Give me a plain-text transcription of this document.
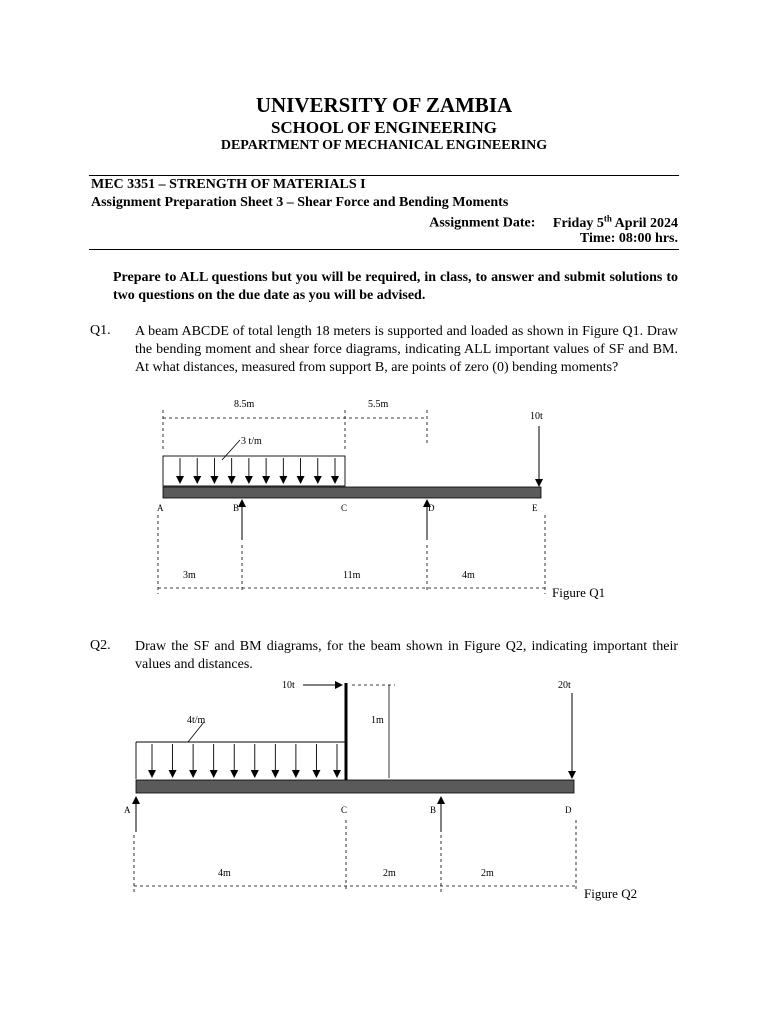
UNIVERSITY OF ZAMBIA
SCHOOL OF ENGINEERING
DEPARTMENT OF MECHANICAL ENGINEERING
MEC 3351 – STRENGTH OF MATERIALS I
Assignment Preparation Sheet 3 – Shear Force and Bending Moments
Assignment Date: Friday 5th April 2024
Time: 08:00 hrs.
Prepare to ALL questions but you will be required, in class, to answer and submit solutions to two questions on the due date as you will be advised.
Q1. A beam ABCDE of total length 18 meters is supported and loaded as shown in Figure Q1. Draw the bending moment and shear force diagrams, indicating ALL important values of SF and BM. At what distances, measured from support B, are points of zero (0) bending moments?
Q2. Draw the SF and BM diagrams, for the beam shown in Figure Q2, indicating important their values and distances.
8.5m	5.5m
10t
3 t/m
A	B	C	D	E
3m	11m	4m
Figure Q1
10t
1m
20t
4t/m
A	C	B	D
4m	2m	2m
Figure Q2
